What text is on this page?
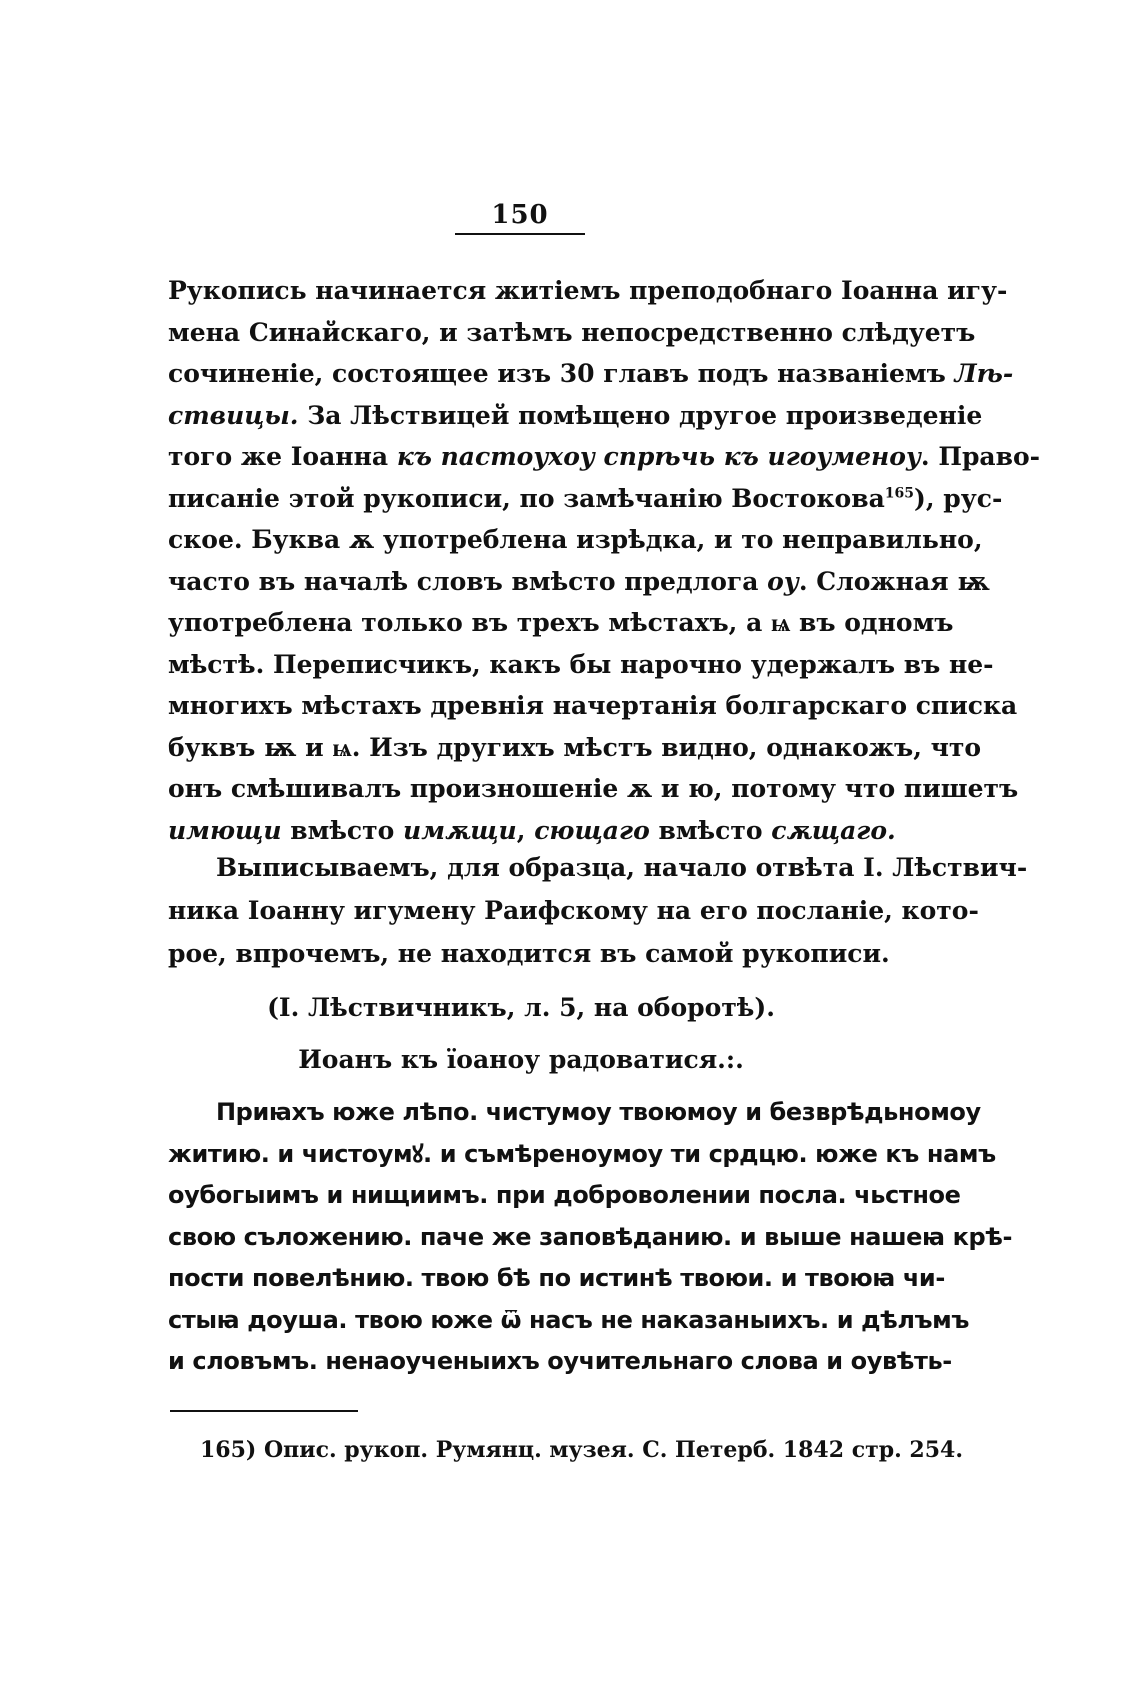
150
Рукопись начинается житiемъ преподобнаго Iоанна игу-
мена Синайскаго, и затѣмъ непосредственно слѣдуетъ
сочиненiе, состоящее изъ 30 главъ подъ названiемъ Лѣ-
ствицы. За Лѣствицей помѣщено другое произведенiе
того же Iоанна къ пастоухоу спрѣчь къ игоуменоу. Право-
писанiе этой рукописи, по замѣчанiю Востокова$^{165}$), рус-
ское. Буква ѫ употреблена изрѣдка, и то неправильно,
часто въ началѣ словъ вмѣсто предлога оу. Сложная ѭ
употреблена только въ трехъ мѣстахъ, а ѩ въ одномъ
мѣстѣ. Переписчикъ, какъ бы нарочно удержалъ въ не-
многихъ мѣстахъ древнiя начертанiя болгарскаго списка
буквъ ѭ и ѩ. Изъ другихъ мѣстъ видно, однакожъ, что
онъ смѣшивалъ произношенiе ѫ и ю, потому что пишетъ
имющи вмѣсто имѫщи, сющаго вмѣсто сѫщаго.
Выписываемъ, для образца, начало отвѣта I. Лѣствич-
ника Iоанну игумену Раифскому на его посланiе, кото-
рое, впрочемъ, не находится въ самой рукописи.
(I. Лѣствичникъ, л. 5, на оборотѣ).
Иоанъ къ їоаноу радоватися.:.
Приꙗхъ юже лѣпо. чистумоу твоюмоу и безврѣдьномоу
житию. и чистоумꙋ. и съмѣреноумоу ти срдцю. юже къ намъ
оубогыимъ и нищиимъ. при доброволении посла. чьстное
свою съложению. паче же заповѣданию. и выше нашеꙗ крѣ-
пости повелѣнию. твою бѣ по истинѣ твоюи. и твоюꙗ чи-
стыꙗ доуша. твою юже ѿ насъ не наказаныихъ. и дѣлъмъ
и словъмъ. ненаоученыихъ оучительнаго слова и оувѣть-
165) Опис. рукоп. Румянц. музея. С. Петерб. 1842 стр. 254.
